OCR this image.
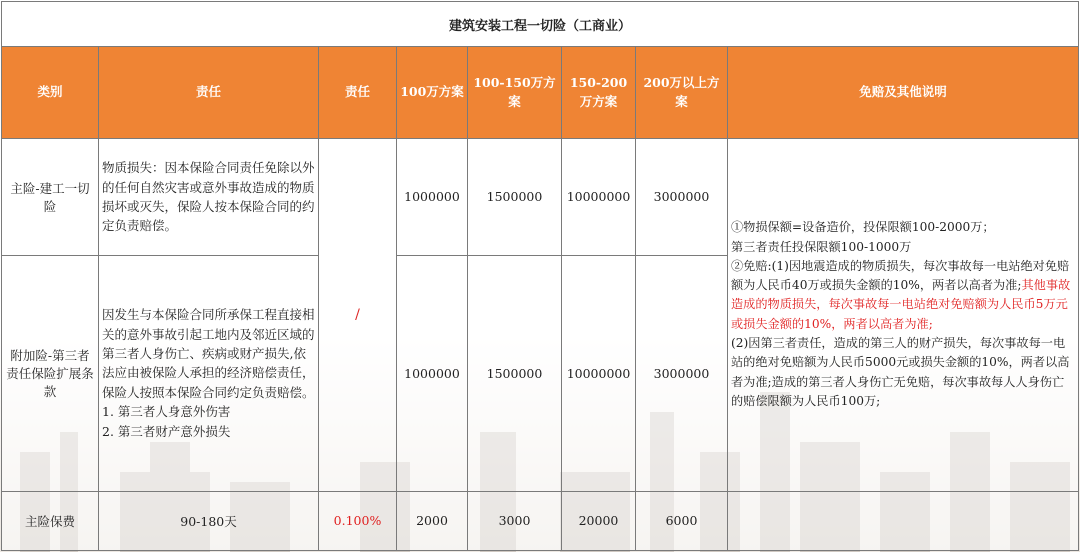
建筑安装工程一切险（工商业）							
类别	责任	责任	100万方案	100-150万方案	150-200万方案	200万以上方案	免赔及其他说明
主险-建工一切险	物质损失：因本保险合同责任免除以外的任何自然灾害或意外事故造成的物质损坏或灭失，保险人按本保险合同的约定负责赔偿。	/	1000000	1500000	10000000	3000000	①物损保额=设备造价，投保限额100-2000万；
第三者责任投保限额100-1000万
②免赔:(1)因地震造成的物质损失，每次事故每一电站绝对免赔额为人民币40万或损失金额的10%，两者以高者为准;其他事故造成的物质损失，每次事故每一电站绝对免赔额为人民币5万元或损失金额的10%，两者以高者为准;
(2)因第三者责任，造成的第三人的财产损失，每次事故每一电站的绝对免赔额为人民币5000元或损失金额的10%，两者以高者为准;造成的第三者人身伤亡无免赔，每次事故每人人身伤亡的赔偿限额为人民币100万;

附加险-第三者责任保险扩展条款	因发生与本保险合同所承保工程直接相关的意外事故引起工地内及邻近区域的第三者人身伤亡、疾病或财产损失,依法应由被保险人承担的经济赔偿责任，保险人按照本保险合同约定负责赔偿。
1. 第三者人身意外伤害
2. 第三者财产意外损失		1000000	1500000	10000000	3000000	
主险保费	90-180天	0.100%	2000	3000	20000	6000	
